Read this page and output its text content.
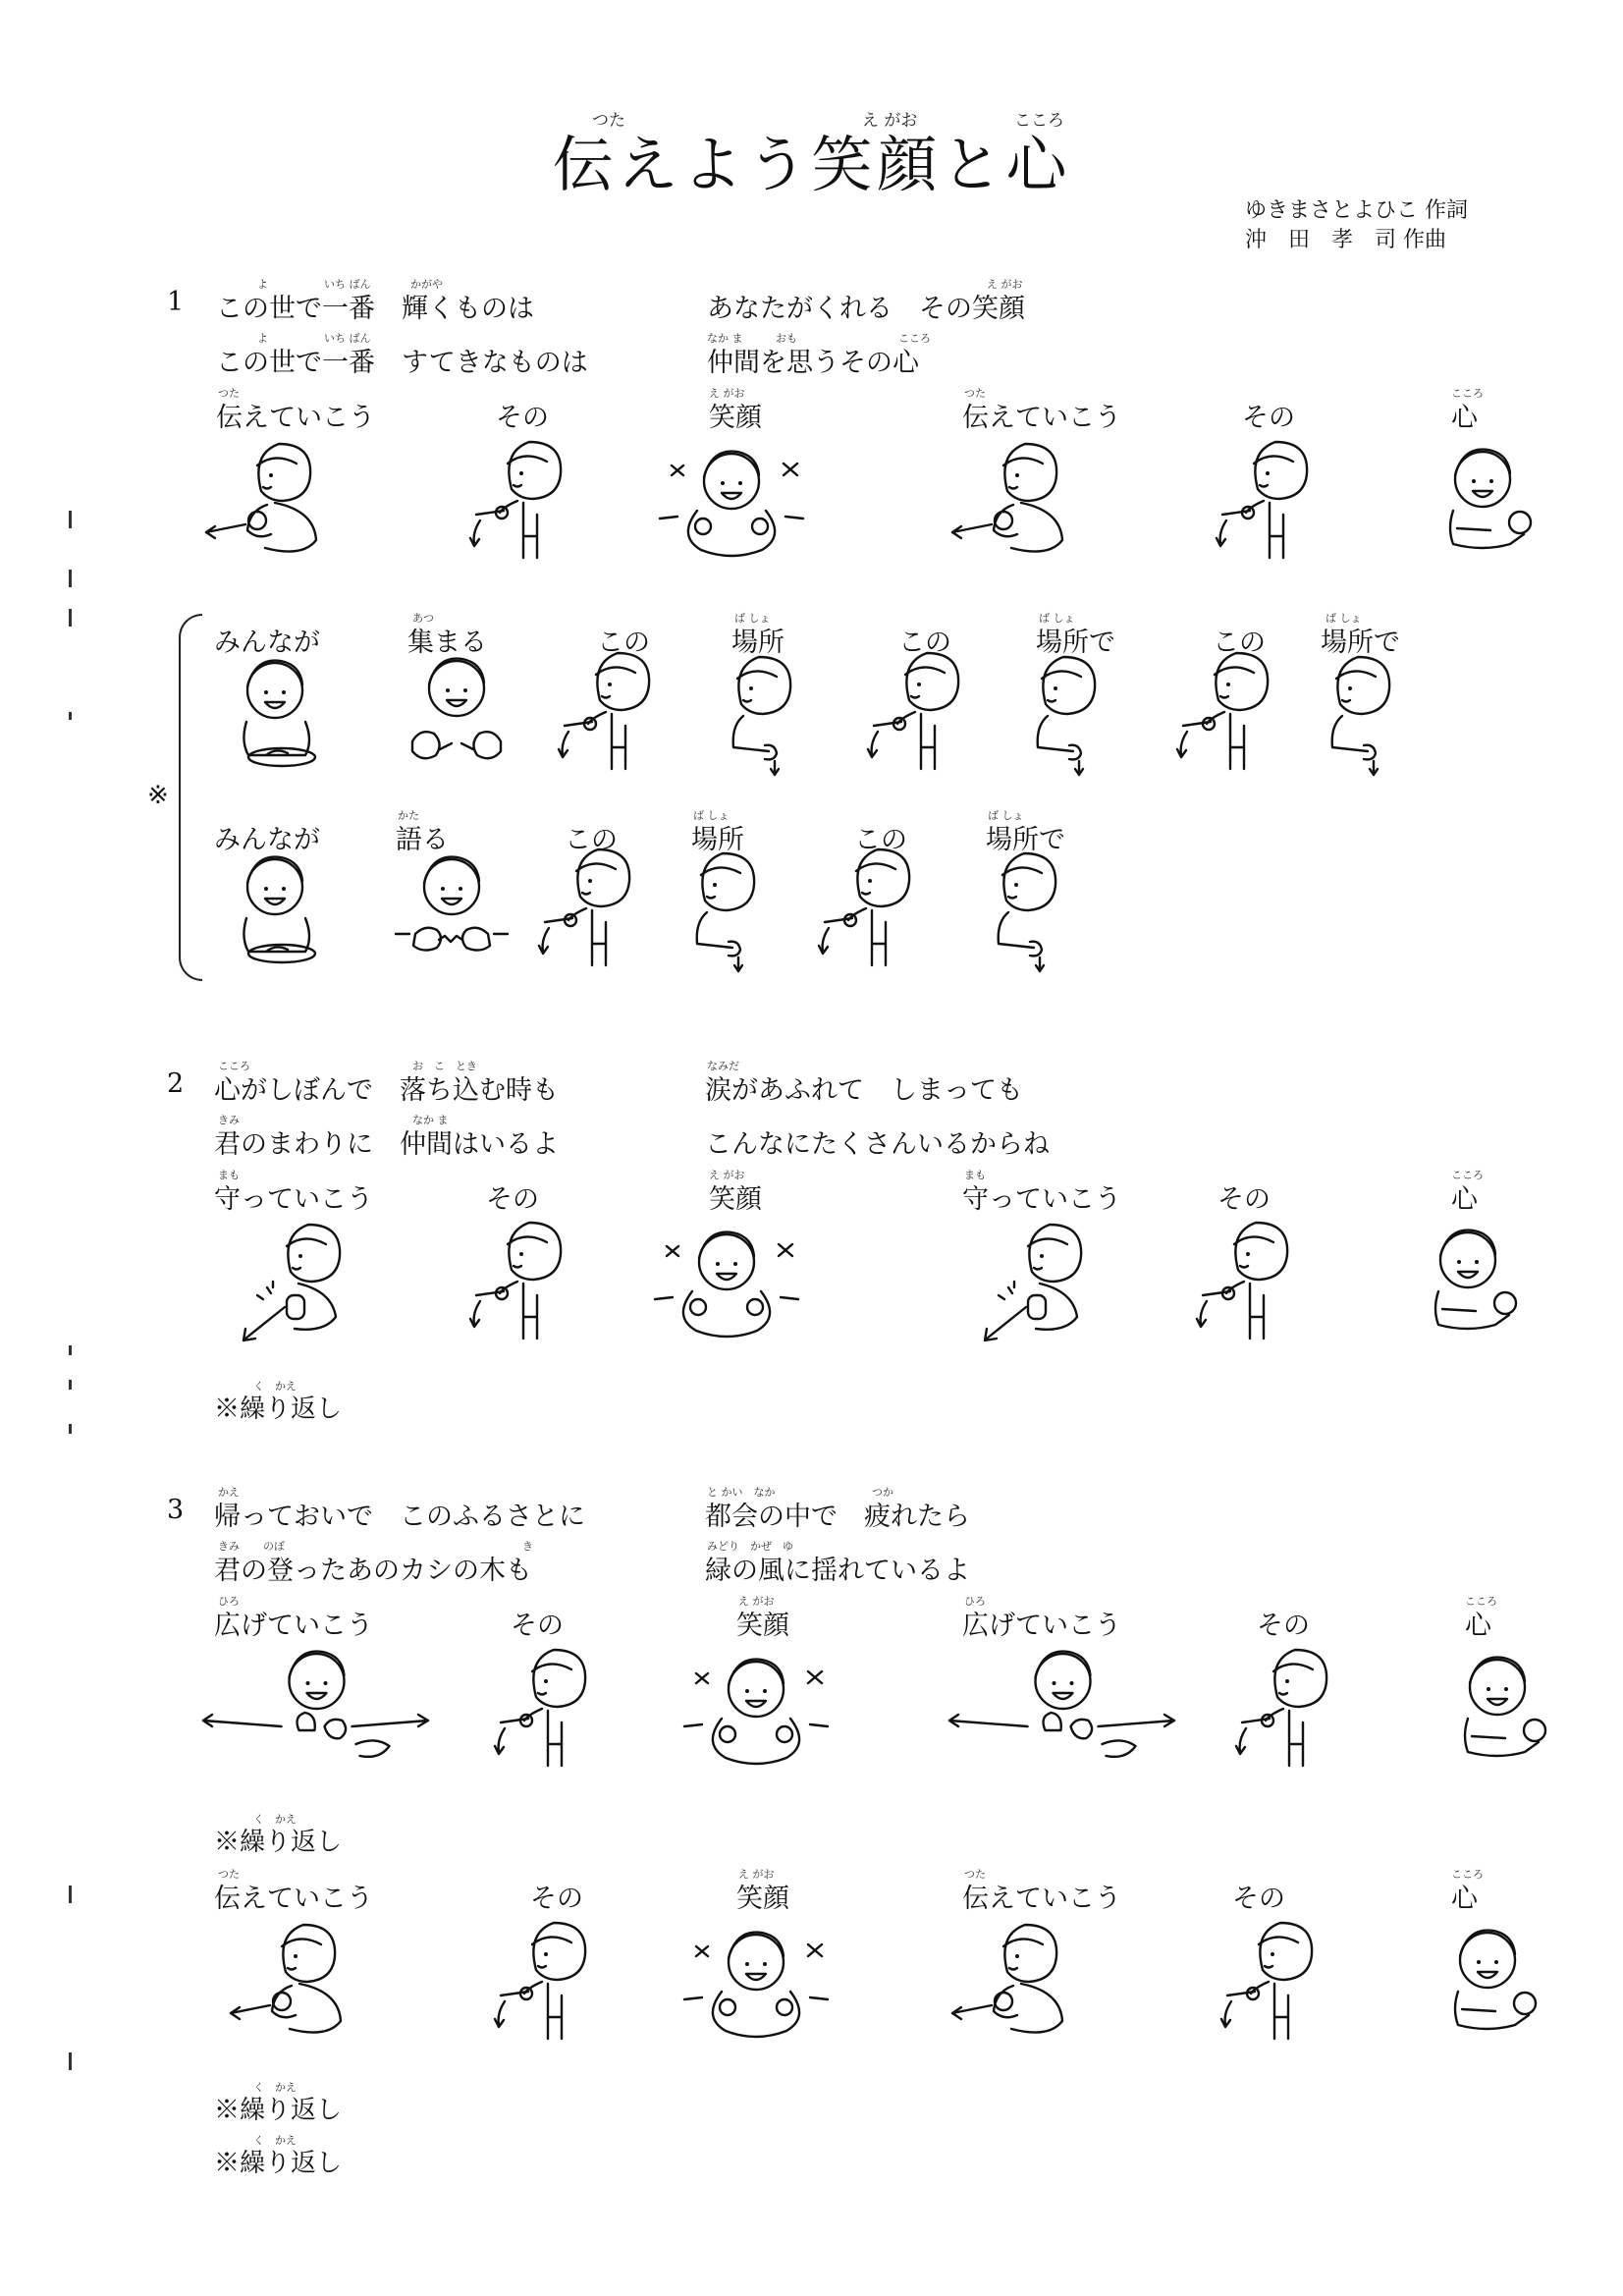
つた	え がお	こころ
伝えよう笑顔と心
ゆきまさとよひこ 作詞
沖　田　孝　司 作曲
1
よ	いち ばん	かがや	え がお
この世で一番　輝くものは	あなたがくれる　その笑顔
よ	いち ばん	なか ま	おも	こころ
この世で一番　すてきなものは	仲間を思うその心
つた	え がお	つた	こころ
伝えていこう	その	笑顔	伝えていこう	その	心
※
あつ	ば しょ	ば しょ	ば しょ
みんなが	集まる	この	場所	この	場所で	この 場所で
かた	ば しょ	ば しょ
みんなが	語る	この	場所	この	場所で
2
こころ	お　こ　とき	なみだ
心がしぼんで　落ち込む時も	涙があふれて　しまっても
きみ	なか ま
君のまわりに　仲間はいるよ	こんなにたくさんいるからね
まも	え がお	まも	こころ
守っていこう	その	笑顔	守っていこう	その	心
く　かえ
※繰り返し
3
かえ	と かい　なか	つか
帰っておいで　このふるさとに	都会の中で　疲れたら
きみ のぼ	き	みどり　かぜ　ゆ
君の登ったあのカシの木も	緑の風に揺れているよ
ひろ	え がお	ひろ	こころ
広げていこう	その	笑顔	広げていこう	その	心
く　かえ
※繰り返し
つた	え がお	つた	こころ
伝えていこう	その	笑顔	伝えていこう	その	心
く　かえ
※繰り返し
く　かえ
※繰り返し
